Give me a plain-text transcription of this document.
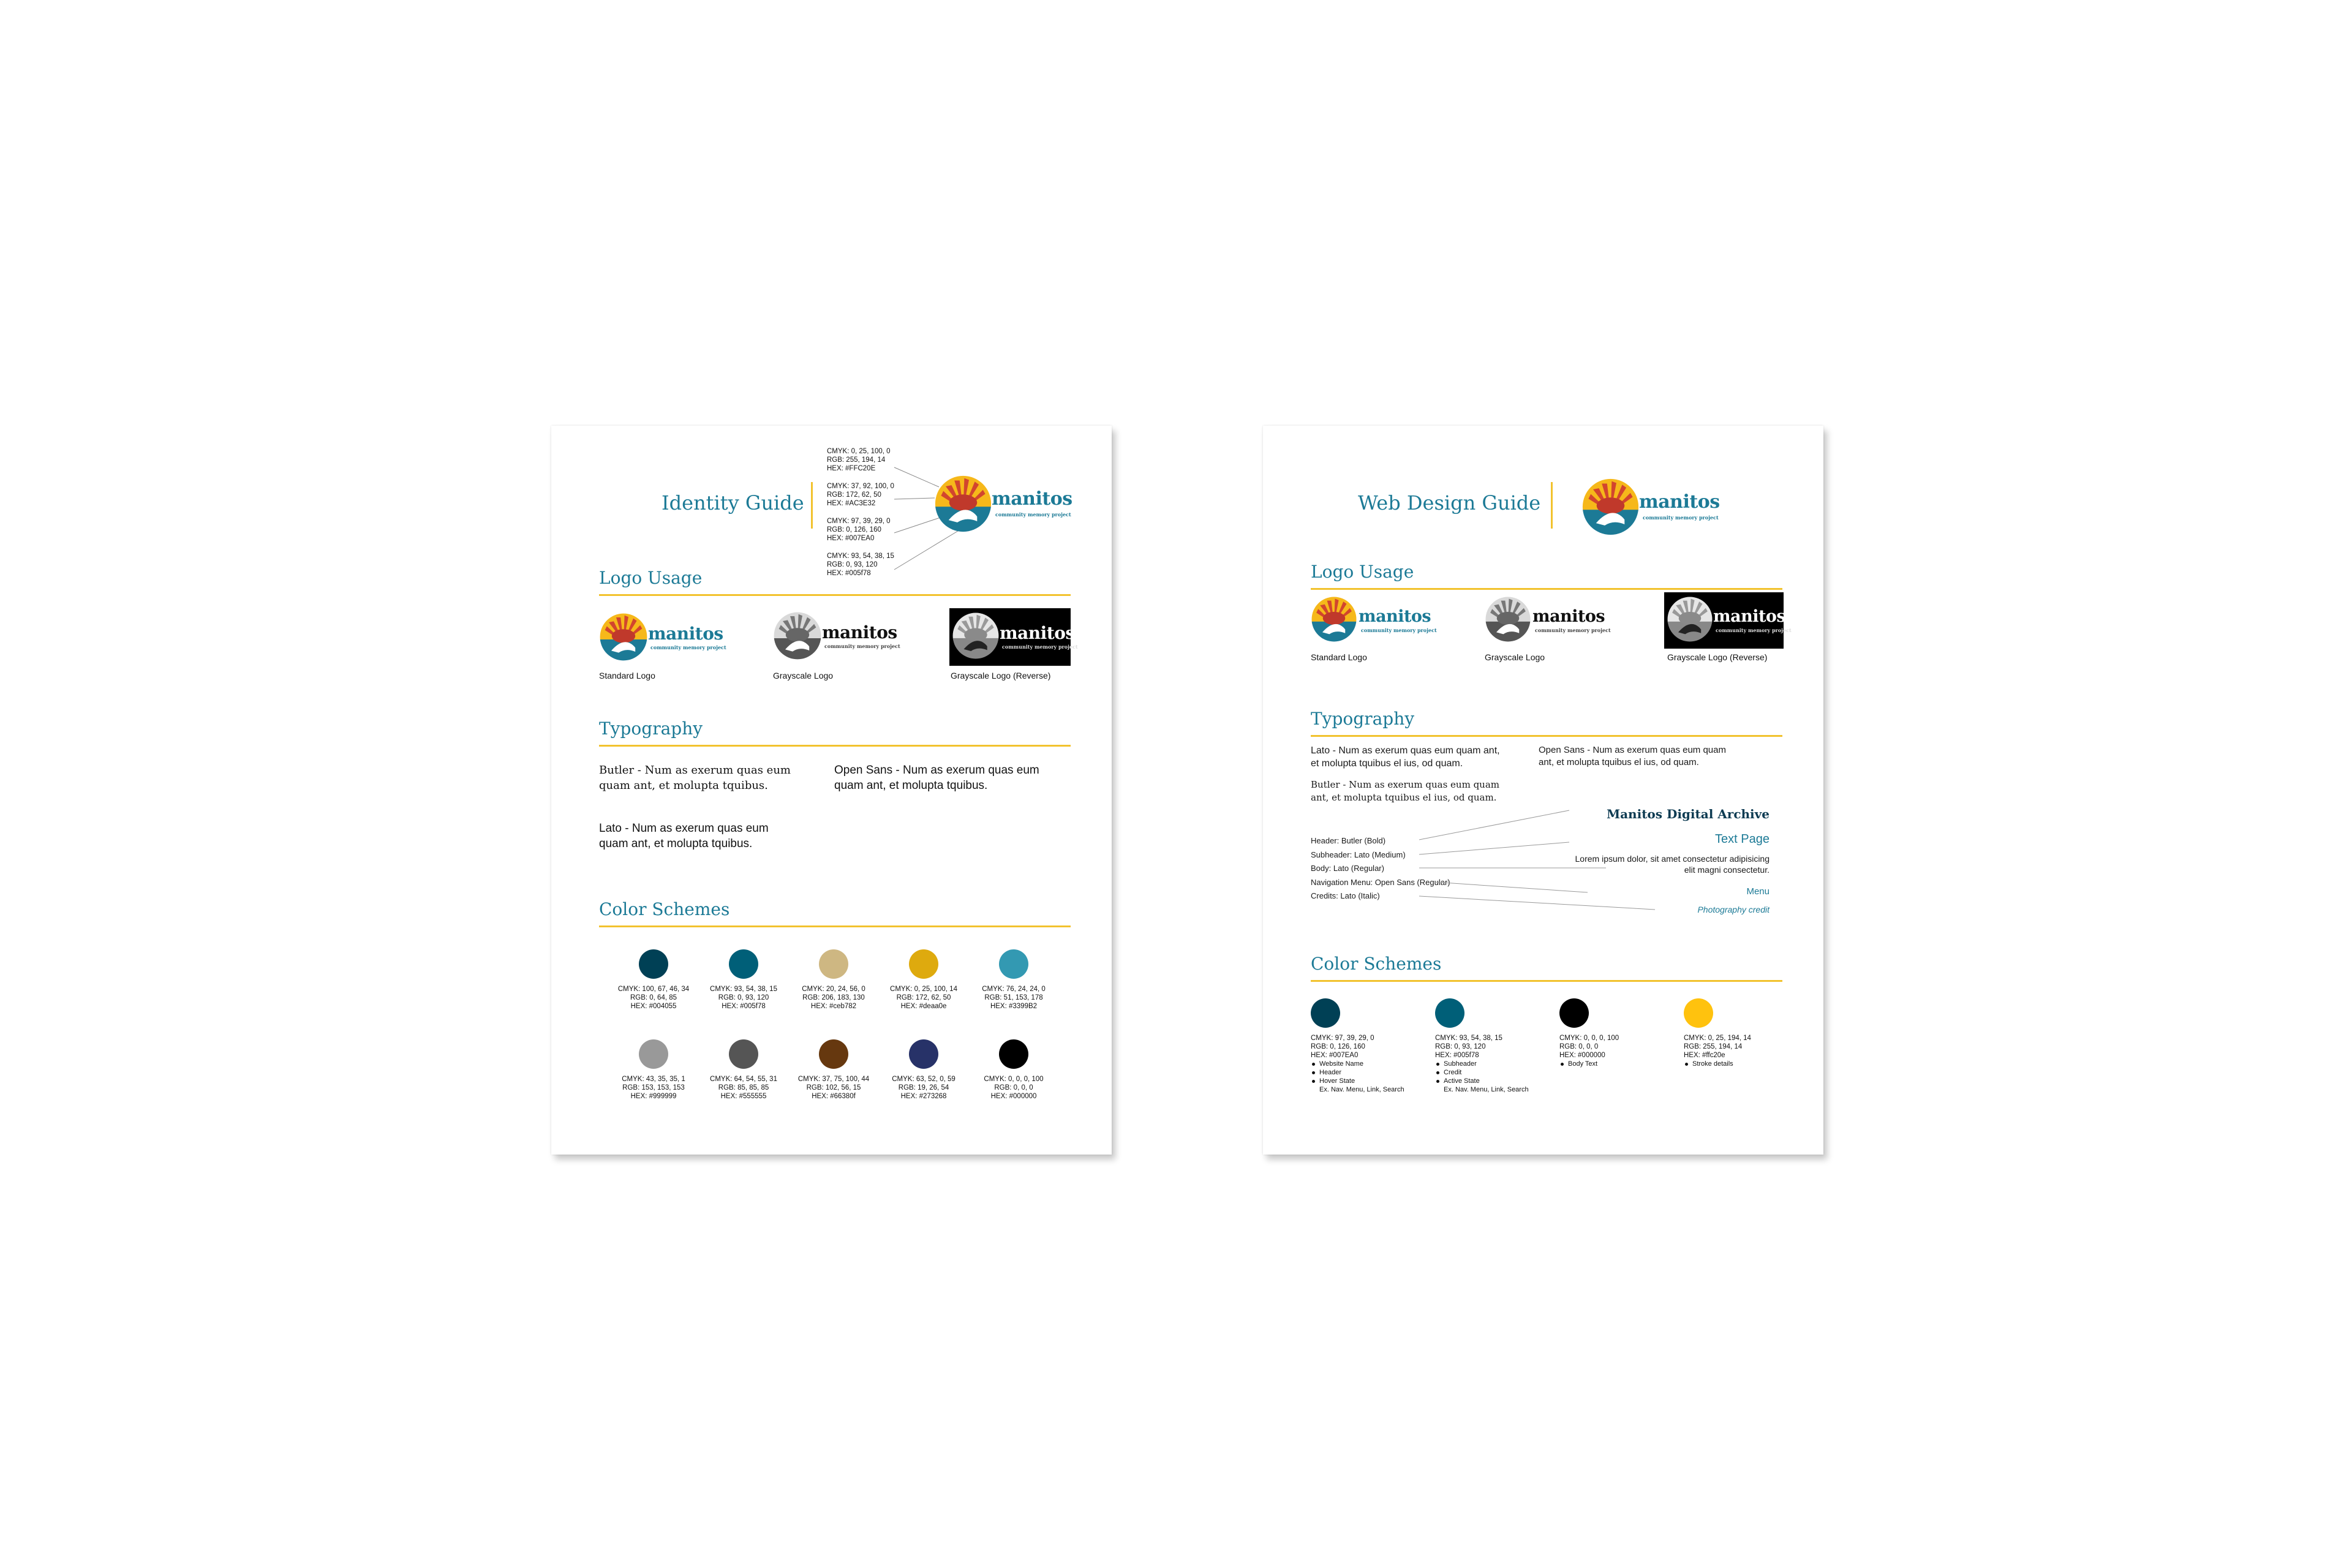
Identity Guide
CMYK: 0, 25, 100, 0
RGB: 255, 194, 14
HEX: #FFC20E
CMYK: 37, 92, 100, 0
RGB: 172, 62, 50
HEX: #AC3E32
CMYK: 97, 39, 29, 0
RGB: 0, 126, 160
HEX: #007EA0
CMYK: 93, 54, 38, 15
RGB: 0, 93, 120
HEX: #005f78
manitos
community memory project
Logo Usage
manitos
community memory project
Standard Logo
manitos
community memory project
Grayscale Logo
manitos
community memory project
Grayscale Logo (Reverse)
Typography
Butler - Num as exerum quas eum quam ant, et molupta tquibus.
Open Sans - Num as exerum quas eum quam ant, et molupta tquibus.
Lato - Num as exerum quas eum quam ant, et molupta tquibus.
Color Schemes
CMYK: 100, 67, 46, 34
RGB: 0, 64, 85
HEX: #004055
CMYK: 93, 54, 38, 15
RGB: 0, 93, 120
HEX: #005f78
CMYK: 20, 24, 56, 0
RGB: 206, 183, 130
HEX: #ceb782
CMYK: 0, 25, 100, 14
RGB: 172, 62, 50
HEX: #deaa0e
CMYK: 76, 24, 24, 0
RGB: 51, 153, 178
HEX: #3399B2
CMYK: 43, 35, 35, 1
RGB: 153, 153, 153
HEX: #999999
CMYK: 64, 54, 55, 31
RGB: 85, 85, 85
HEX: #555555
CMYK: 37, 75, 100, 44
RGB: 102, 56, 15
HEX: #66380f
CMYK: 63, 52, 0, 59
RGB: 19, 26, 54
HEX: #273268
CMYK: 0, 0, 0, 100
RGB: 0, 0, 0
HEX: #000000
Web Design Guide	manitos
community memory project
Logo Usage
manitos
community memory project
Standard Logo
manitos
community memory project
Grayscale Logo
manitos
community memory project
Grayscale Logo (Reverse)
Typography
Lato - Num as exerum quas eum quam ant, et molupta tquibus el ius, od quam.
Butler - Num as exerum quas eum quam ant, et molupta tquibus el ius, od quam.
Open Sans - Num as exerum quas eum quam ant, et molupta tquibus el ius, od quam.
Header: Butler (Bold)
Subheader: Lato (Medium)
Body: Lato (Regular)
Navigation Menu: Open Sans (Regular)
Credits: Lato (Italic)
Manitos Digital Archive
Text Page
Lorem ipsum dolor, sit amet consectetur adipisicing elit magni consectetur.
Menu
Photography credit
Color Schemes
CMYK: 97, 39, 29, 0
RGB: 0, 126, 160
HEX: #007EA0
Website Name
Header
Hover State
Ex. Nav. Menu, Link, Search
CMYK: 93, 54, 38, 15
RGB: 0, 93, 120
HEX: #005f78
Subheader
Credit
Active State
Ex. Nav. Menu, Link, Search
CMYK: 0, 0, 0, 100
RGB: 0, 0, 0
HEX: #000000
Body Text
CMYK: 0, 25, 194, 14
RGB: 255, 194, 14
HEX: #ffc20e
Stroke details
